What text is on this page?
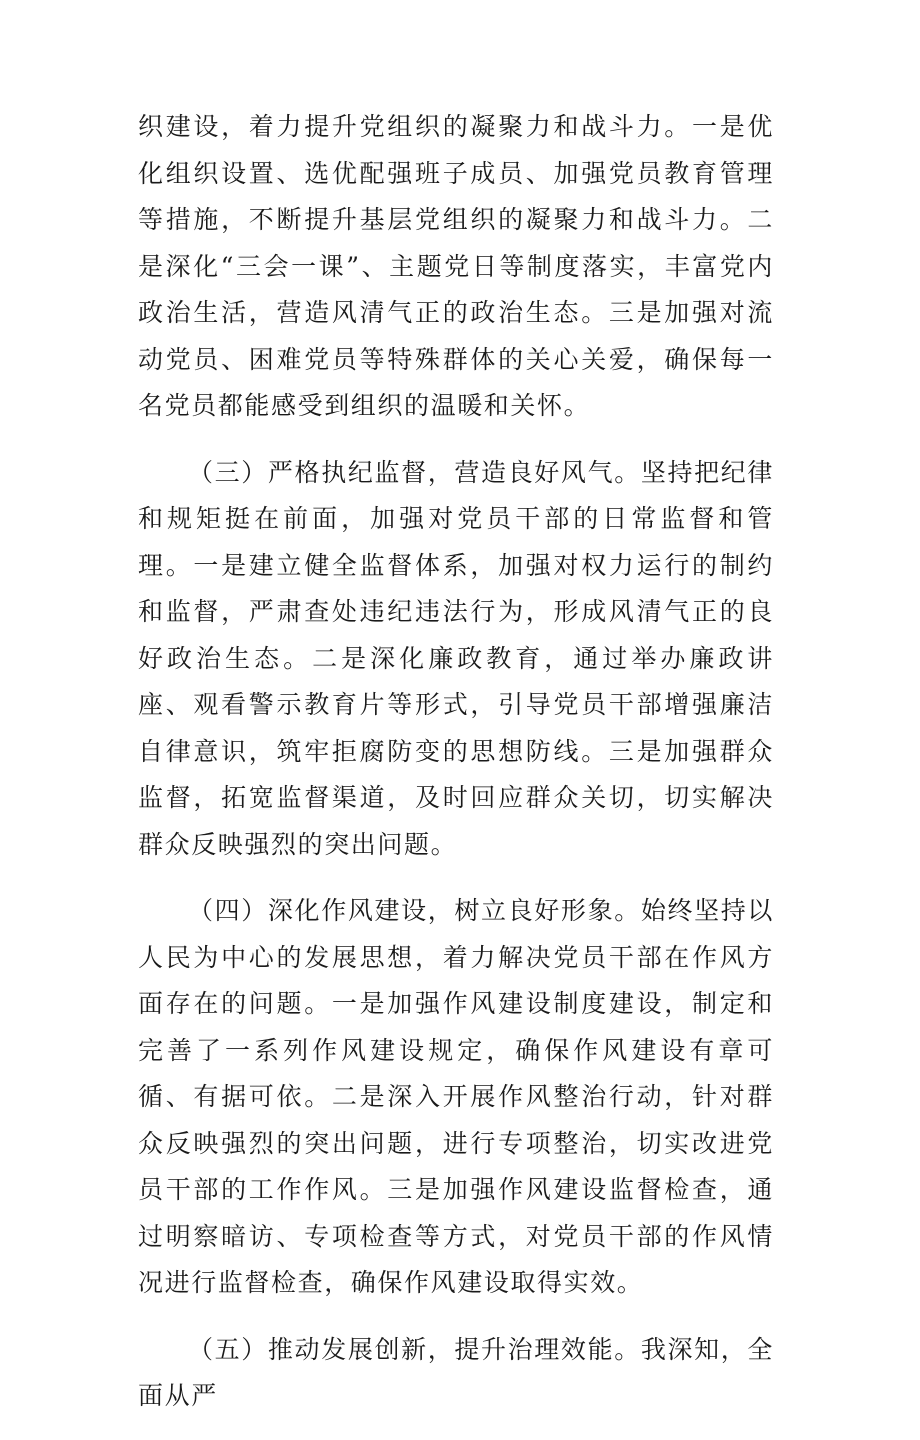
织建设，着力提升党组织的凝聚力和战斗力。一是优化组织设置、选优配强班子成员、加强党员教育管理等措施，不断提升基层党组织的凝聚力和战斗力。二是深化“三会一课”、主题党日等制度落实，丰富党内政治生活，营造风清气正的政治生态。三是加强对流动党员、困难党员等特殊群体的关心关爱，确保每一名党员都能感受到组织的温暖和关怀。

（三）严格执纪监督，营造良好风气。坚持把纪律和规矩挺在前面，加强对党员干部的日常监督和管理。一是建立健全监督体系，加强对权力运行的制约和监督，严肃查处违纪违法行为，形成风清气正的良好政治生态。二是深化廉政教育，通过举办廉政讲座、观看警示教育片等形式，引导党员干部增强廉洁自律意识，筑牢拒腐防变的思想防线。三是加强群众监督，拓宽监督渠道，及时回应群众关切，切实解决群众反映强烈的突出问题。

（四）深化作风建设，树立良好形象。始终坚持以人民为中心的发展思想，着力解决党员干部在作风方面存在的问题。一是加强作风建设制度建设，制定和完善了一系列作风建设规定，确保作风建设有章可循、有据可依。二是深入开展作风整治行动，针对群众反映强烈的突出问题，进行专项整治，切实改进党员干部的工作作风。三是加强作风建设监督检查，通过明察暗访、专项检查等方式，对党员干部的作风情况进行监督检查，确保作风建设取得实效。

（五）推动发展创新，提升治理效能。我深知，全面从严
